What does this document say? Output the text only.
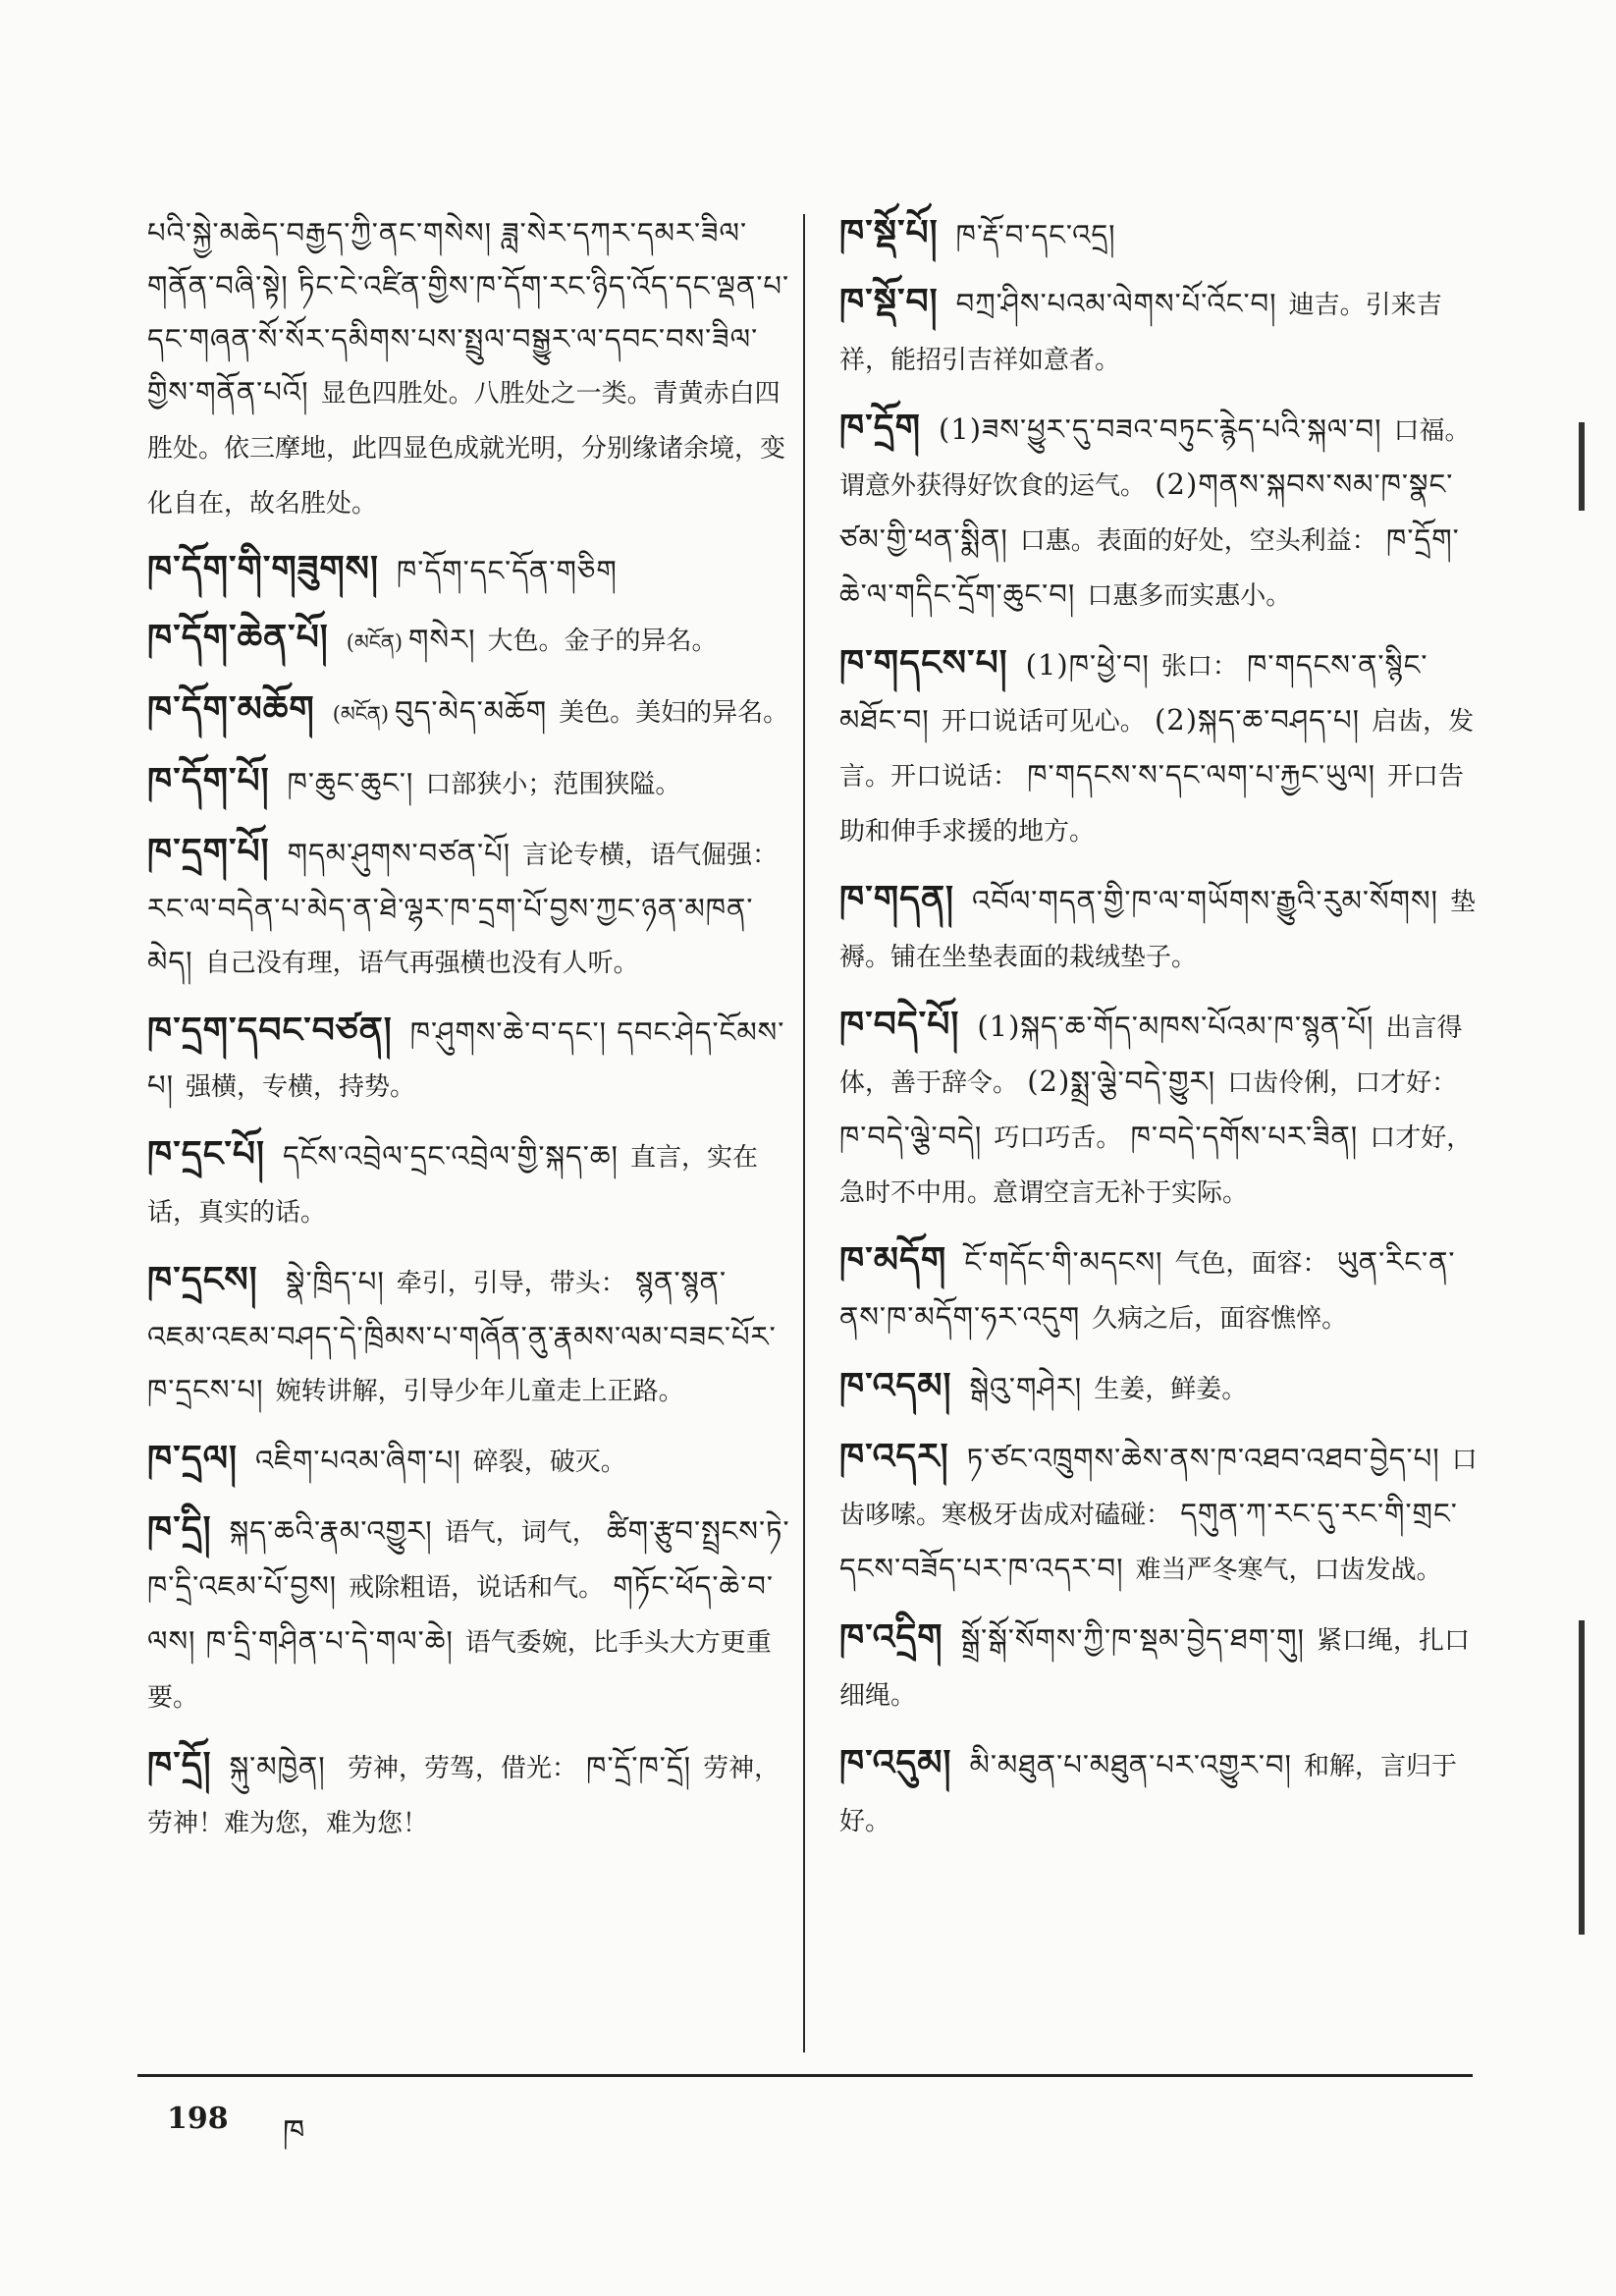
པའི་སྐྱེ་མཆེད་བརྒྱད་ཀྱི་ནང་གསེས། ཟླ་སེར་དཀར་དམར་ཟིལ་གནོན་བཞི་སྟེ། ཏིང་ངེ་འཛིན་གྱིས་ཁ་དོག་རང་ཉིད་འོད་དང་ལྡན་པ་དང་གཞན་སོ་སོར་དམིགས་པས་སྤྲུལ་བསྒྱུར་ལ་དབང་བས་ཟིལ་གྱིས་གནོན་པའོ། 显色四胜处。八胜处之一类。青黄赤白四胜处。依三摩地，此四显色成就光明，分别缘诸余境，变化自在，故名胜处。
ཁ་དོག་གི་གཟུགས། ཁ་དོག་དང་དོན་གཅིག
ཁ་དོག་ཆེན་པོ། (མངོན) གསེར། 大色。金子的异名。
ཁ་དོག་མཆོག (མངོན) བུད་མེད་མཆོག 美色。美妇的异名。
ཁ་དོག་པོ། ཁ་ཆུང་ཆུང་། 口部狭小；范围狭隘。
ཁ་དྲག་པོ། གདམ་ཤུགས་བཙན་པོ། 言论专横，语气倔强： རང་ལ་བདེན་པ་མེད་ན་ཐེ་ལྷར་ཁ་དྲག་པོ་བྱས་ཀྱང་ཉན་མཁན་མེད། 自己没有理，语气再强横也没有人听。
ཁ་དྲག་དབང་བཙན། ཁ་ཤུགས་ཆེ་བ་དང་། དབང་ཤེད་ངོམས་པ། 强横，专横，持势。
ཁ་དྲང་པོ། དངོས་འབྲེལ་དྲང་འབྲེལ་གྱི་སྐད་ཆ། 直言，实在话，真实的话。
ཁ་དྲངས། སྣེ་ཁྲིད་པ། 牵引，引导，带头： སྙན་སྙན་འཇམ་འཇམ་བཤད་དེ་ཁྲིམས་པ་གཞོན་ནུ་རྣམས་ལམ་བཟང་པོར་ཁ་དྲངས་པ། 婉转讲解，引导少年儿童走上正路。
ཁ་དྲལ། འཇིག་པའམ་ཞིག་པ། 碎裂，破灭。
ཁ་དྲི། སྐད་ཆའི་རྣམ་འགྱུར། 语气，词气， ཚིག་རྩུབ་སྤྲངས་ཏེ་ཁ་དྲི་འཇམ་པོ་བྱས། 戒除粗语，说话和气。 གཏོང་ཕོད་ཆེ་བ་ལས། ཁ་དྲི་གཤིན་པ་དེ་གལ་ཆེ། 语气委婉，比手头大方更重要。
ཁ་དྲོ། སྐུ་མཁྱེན། 劳神，劳驾，借光： ཁ་དྲོ་ཁ་དྲོ། 劳神，劳神！难为您，难为您！
ཁ་སྡོ་པོ། ཁ་རྡོ་བ་དང་འདྲ།
ཁ་སྡོ་བ། བཀྲ་ཤིས་པའམ་ལེགས་པོ་འོང་བ། 迪吉。引来吉祥，能招引吉祥如意者。
ཁ་དྲོག (1)ཟས་ཕྱུར་དུ་བཟའ་བཏུང་རྙེད་པའི་སྐལ་བ། 口福。谓意外获得好饮食的运气。 (2)གནས་སྐབས་སམ་ཁ་སྣང་ཙམ་གྱི་ཕན་སྨིན། 口惠。表面的好处，空头利益： ཁ་དྲོག་ཆེ་ལ་གདིང་དྲོག་ཆུང་བ། 口惠多而实惠小。
ཁ་གདངས་པ། (1)ཁ་ཕྱེ་བ། 张口： ཁ་གདངས་ན་སྙིང་མཐོང་བ། 开口说话可见心。 (2)སྐད་ཆ་བཤད་པ། 启齿，发言。开口说话： ཁ་གདངས་ས་དང་ལག་པ་རྐྱང་ཡུལ། 开口告助和伸手求援的地方。
ཁ་གདན། འབོལ་གདན་གྱི་ཁ་ལ་གཡོགས་རྒྱུའི་རུམ་སོགས། 垫褥。铺在坐垫表面的栽绒垫子。
ཁ་བདེ་པོ། (1)སྐད་ཆ་གོད་མཁས་པོའམ་ཁ་སྙན་པོ། 出言得体，善于辞令。 (2)སྨྲ་ལྕེ་བདེ་གྱུར། 口齿伶俐，口才好： ཁ་བདེ་ལྕེ་བདེ། 巧口巧舌。 ཁ་བདེ་དགོས་པར་ཟིན། 口才好，急时不中用。意谓空言无补于实际。
ཁ་མདོག ངོ་གདོང་གི་མདངས། 气色，面容： ཡུན་རིང་ན་ནས་ཁ་མདོག་ཧར་འདུག 久病之后，面容憔悴。
ཁ་འདམ། སྒེའུ་གཤེར། 生姜，鲜姜。
ཁ་འདར། ཏ་ཙང་འཁྲུགས་ཆེས་ནས་ཁ་འཐབ་འཐབ་བྱེད་པ། 口齿哆嗦。寒极牙齿成对磕碰： དགུན་ཀ་རང་དུ་རང་གི་གྲང་དངས་བཟོད་པར་ཁ་འདར་བ། 难当严冬寒气，口齿发战。
ཁ་འདྲིག སྒྲོ་སྒོ་སོགས་ཀྱི་ཁ་སྡམ་བྱེད་ཐག་གུ། 紧口绳，扎口细绳。
ཁ་འདུམ། མི་མཐུན་པ་མཐུན་པར་འགྱུར་བ། 和解，言归于好。
198 ཁ
